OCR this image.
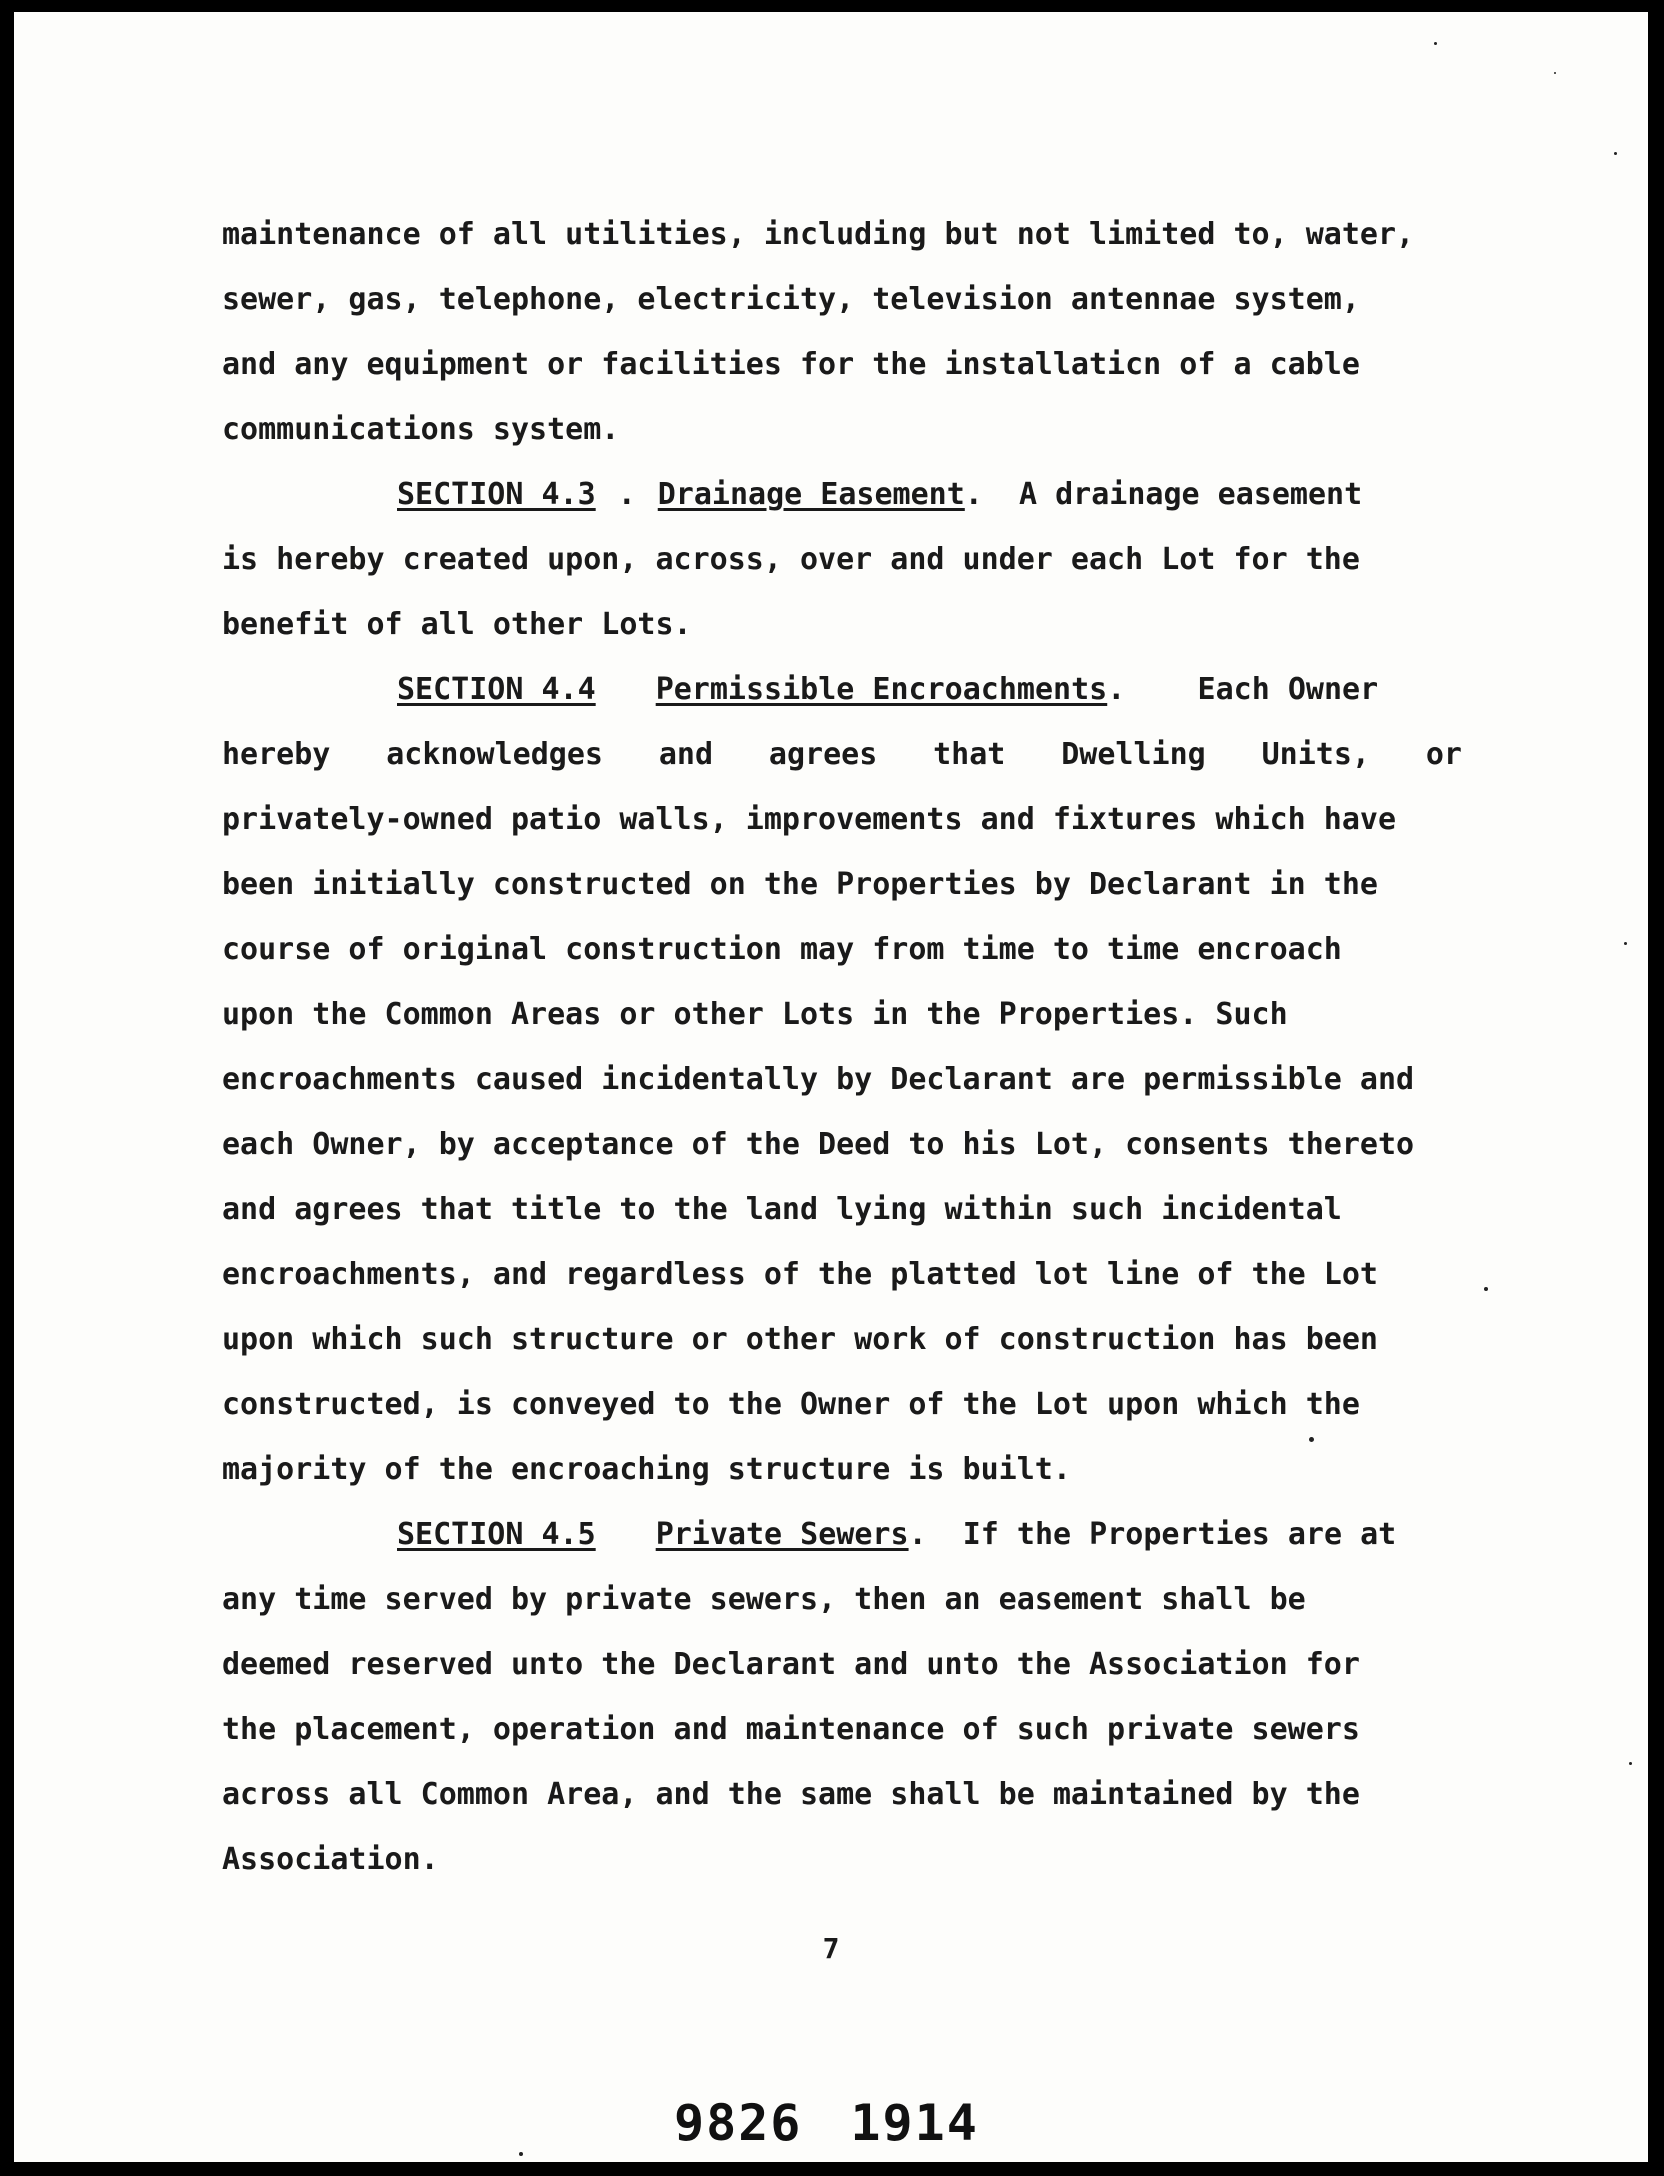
maintenance of all utilities, including but not limited to, water,
sewer, gas, telephone, electricity, television antennae system,
and any equipment or facilities for the installaticn of a cable
communications system.
SECTION 4.3 . Drainage Easement.  A drainage easement
is hereby created upon, across, over and under each Lot for the
benefit of all other Lots.
SECTION 4.4 Permissible Encroachments.    Each Owner
hereby acknowledges and agrees that Dwelling Units, or
privately-owned patio walls, improvements and fixtures which have
been initially constructed on the Properties by Declarant in the
course of original construction may from time to time encroach
upon the Common Areas or other Lots in the Properties. Such
encroachments caused incidentally by Declarant are permissible and
each Owner, by acceptance of the Deed to his Lot, consents thereto
and agrees that title to the land lying within such incidental
encroachments, and regardless of the platted lot line of the Lot
upon which such structure or other work of construction has been
constructed, is conveyed to the Owner of the Lot upon which the
majority of the encroaching structure is built.
SECTION 4.5 Private Sewers.  If the Properties are at
any time served by private sewers, then an easement shall be
deemed reserved unto the Declarant and unto the Association for
the placement, operation and maintenance of such private sewers
across all Common Area, and the same shall be maintained by the
Association.
7
9826 1914
